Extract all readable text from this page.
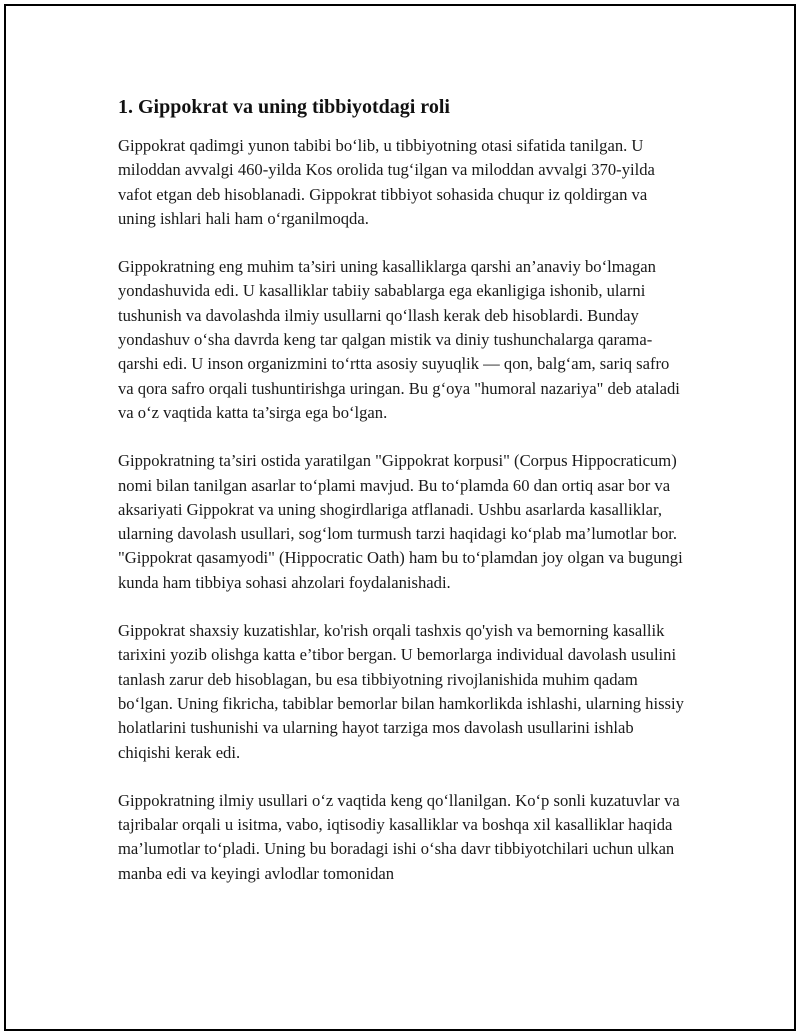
1. Gippokrat va uning tibbiyotdagi roli

Gippokrat qadimgi yunon tabibi bo‘lib, u tibbiyotning otasi sifatida tanilgan. U miloddan avvalgi 460-yilda Kos orolida tug‘ilgan va miloddan avvalgi 370-yilda vafot etgan deb hisoblanadi. Gippokrat tibbiyot sohasida chuqur iz qoldirgan va uning ishlari hali ham o‘rganilmoqda.

Gippokratning eng muhim ta’siri uning kasalliklarga qarshi an’anaviy bo‘lmagan yondashuvida edi. U kasalliklar tabiiy sabablarga ega ekanligiga ishonib, ularni tushunish va davolashda ilmiy usullarni qo‘llash kerak deb hisoblardi. Bunday yondashuv o‘sha davrda keng tar qalgan mistik va diniy tushunchalarga qarama-qarshi edi. U inson organizmini to‘rtta asosiy suyuqlik — qon, balg‘am, sariq safro va qora safro orqali tushuntirishga uringan. Bu g‘oya "humoral nazariya" deb ataladi va o‘z vaqtida katta ta’sirga ega bo‘lgan.

Gippokratning ta’siri ostida yaratilgan "Gippokrat korpusi" (Corpus Hippocraticum) nomi bilan tanilgan asarlar to‘plami mavjud. Bu to‘plamda 60 dan ortiq asar bor va aksariyati Gippokrat va uning shogirdlariga atflanadi. Ushbu asarlarda kasalliklar, ularning davolash usullari, sog‘lom turmush tarzi haqidagi ko‘plab ma’lumotlar bor. "Gippokrat qasamyodi" (Hippocratic Oath) ham bu to‘plamdan joy olgan va bugungi kunda ham tibbiya sohasi ahzolari foydalanishadi.

Gippokrat shaxsiy kuzatishlar, ko'rish orqali tashxis qo'yish va bemorning kasallik tarixini yozib olishga katta e’tibor bergan. U bemorlarga individual davolash usulini tanlash zarur deb hisoblagan, bu esa tibbiyotning rivojlanishida muhim qadam bo‘lgan. Uning fikricha, tabiblar bemorlar bilan hamkorlikda ishlashi, ularning hissiy holatlarini tushunishi va ularning hayot tarziga mos davolash usullarini ishlab chiqishi kerak edi.

Gippokratning ilmiy usullari o‘z vaqtida keng qo‘llanilgan. Ko‘p sonli kuzatuvlar va tajribalar orqali u isitma, vabo, iqtisodiy kasalliklar va boshqa xil kasalliklar haqida ma’lumotlar to‘pladi. Uning bu boradagi ishi o‘sha davr tibbiyotchilari uchun ulkan manba edi va keyingi avlodlar tomonidan
